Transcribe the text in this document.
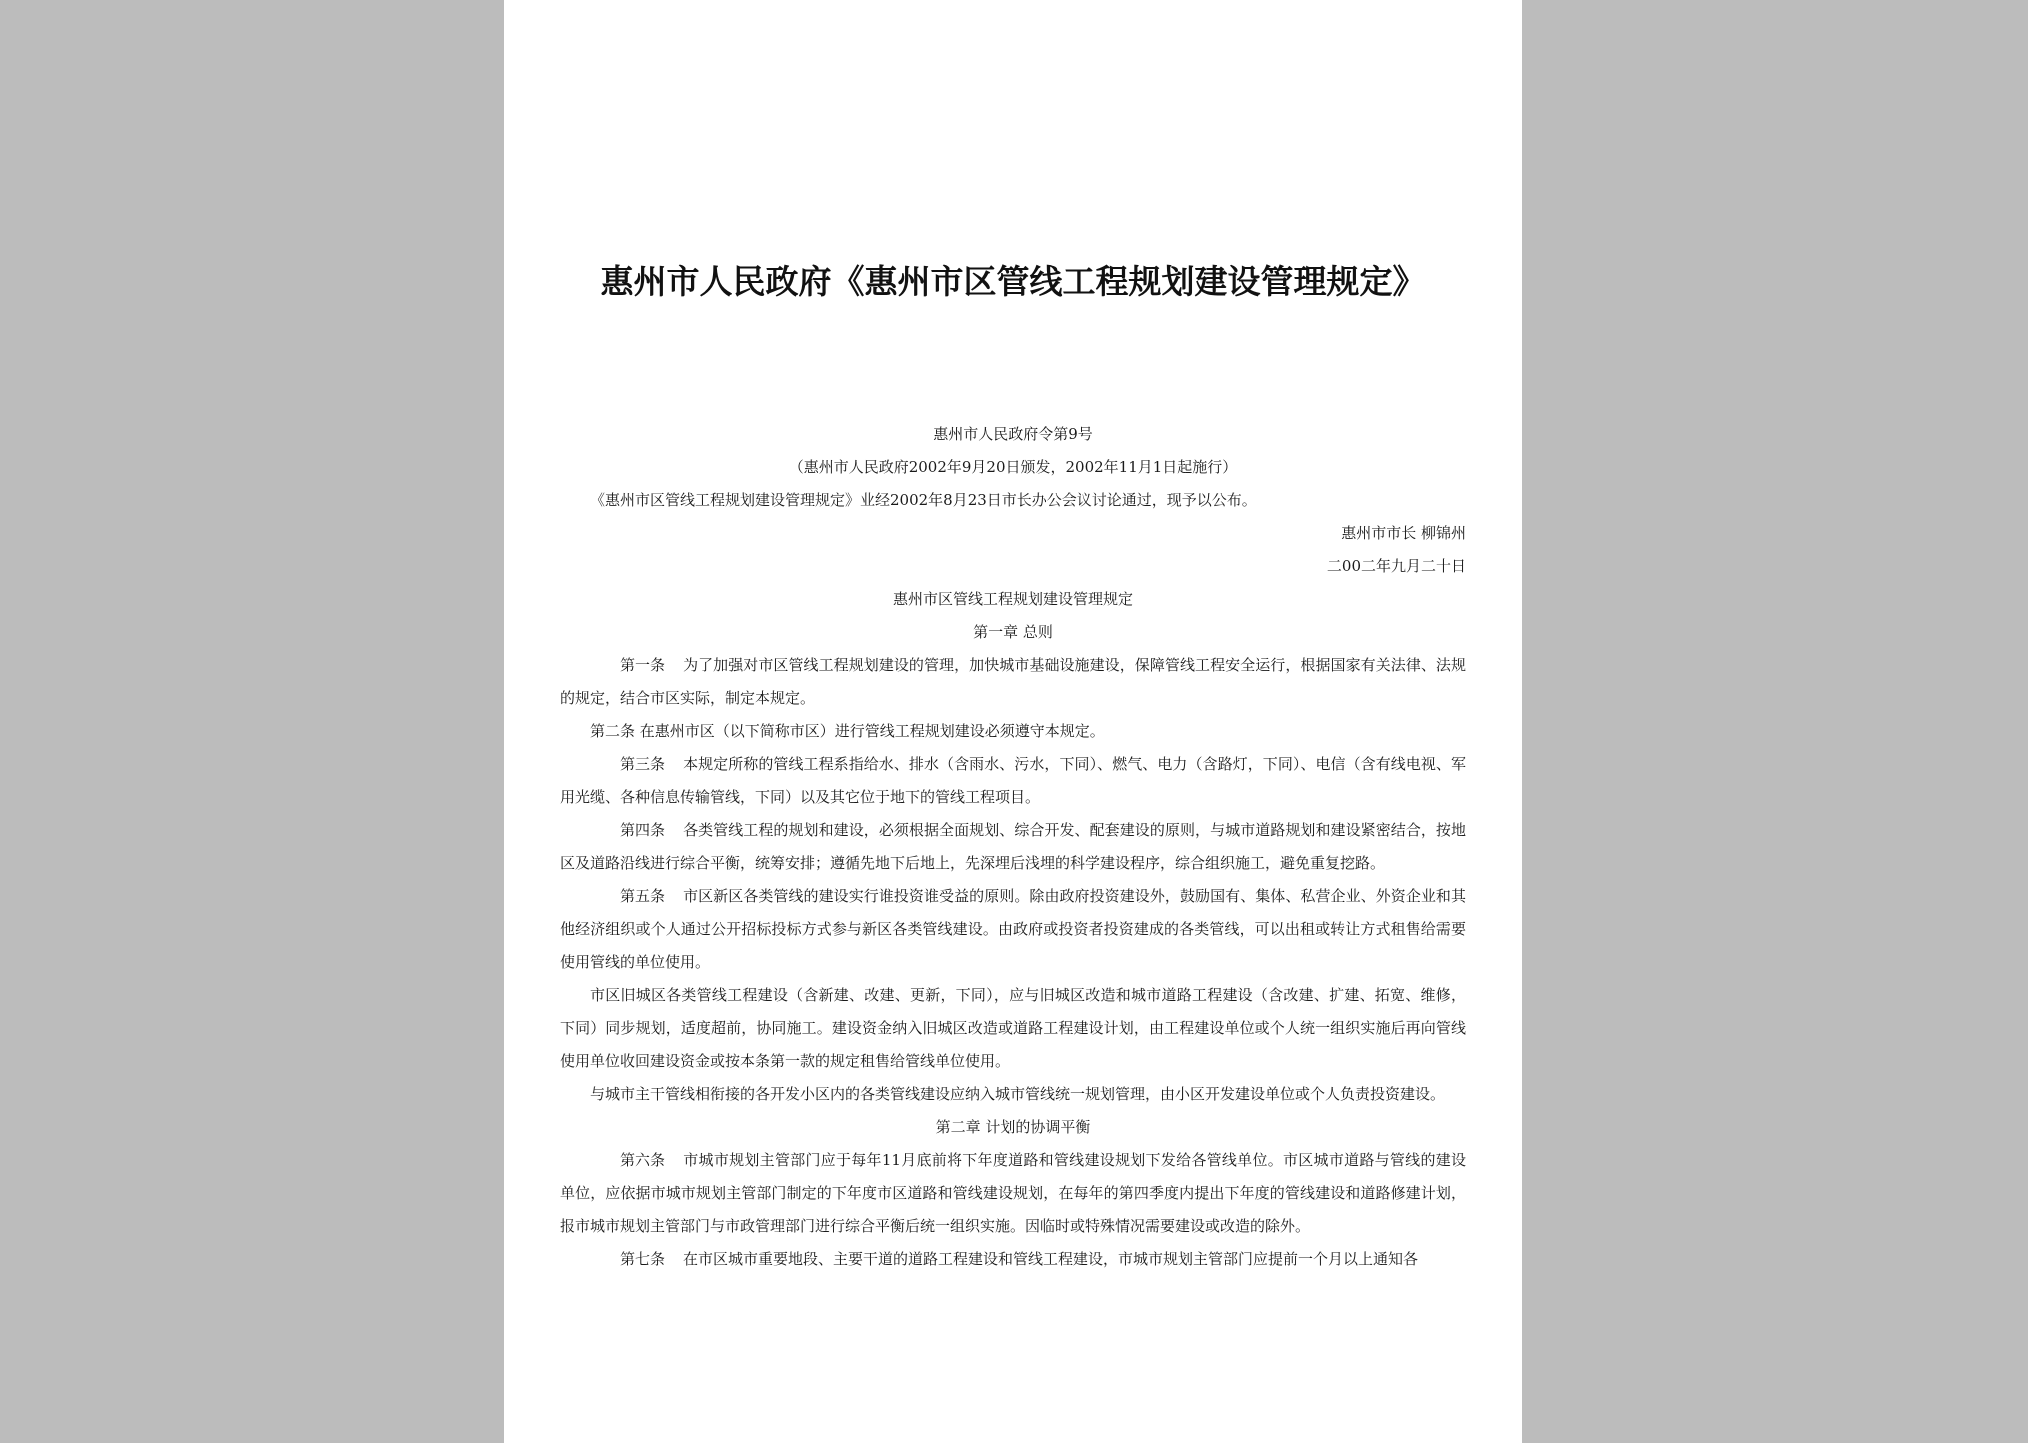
惠州市人民政府《惠州市区管线工程规划建设管理规定》

惠州市人民政府令第9号

（惠州市人民政府2002年9月20日颁发，2002年11月1日起施行）

《惠州市区管线工程规划建设管理规定》业经2002年8月23日市长办公会议讨论通过，现予以公布。

惠州市市长 柳锦州

二00二年九月二十日

惠州市区管线工程规划建设管理规定

第一章 总则

第一条 为了加强对市区管线工程规划建设的管理，加快城市基础设施建设，保障管线工程安全运行，根据国家有关法律、法规的规定，结合市区实际，制定本规定。

第二条 在惠州市区（以下简称市区）进行管线工程规划建设必须遵守本规定。

第三条 本规定所称的管线工程系指给水、排水（含雨水、污水，下同）、燃气、电力（含路灯，下同）、电信（含有线电视、军用光缆、各种信息传输管线，下同）以及其它位于地下的管线工程项目。

第四条 各类管线工程的规划和建设，必须根据全面规划、综合开发、配套建设的原则，与城市道路规划和建设紧密结合，按地区及道路沿线进行综合平衡，统筹安排；遵循先地下后地上，先深埋后浅埋的科学建设程序，综合组织施工，避免重复挖路。

第五条 市区新区各类管线的建设实行谁投资谁受益的原则。除由政府投资建设外，鼓励国有、集体、私营企业、外资企业和其他经济组织或个人通过公开招标投标方式参与新区各类管线建设。由政府或投资者投资建成的各类管线，可以出租或转让方式租售给需要使用管线的单位使用。

市区旧城区各类管线工程建设（含新建、改建、更新，下同），应与旧城区改造和城市道路工程建设（含改建、扩建、拓宽、维修，下同）同步规划，适度超前，协同施工。建设资金纳入旧城区改造或道路工程建设计划，由工程建设单位或个人统一组织实施后再向管线使用单位收回建设资金或按本条第一款的规定租售给管线单位使用。

与城市主干管线相衔接的各开发小区内的各类管线建设应纳入城市管线统一规划管理，由小区开发建设单位或个人负责投资建设。

第二章 计划的协调平衡

第六条 市城市规划主管部门应于每年11月底前将下年度道路和管线建设规划下发给各管线单位。市区城市道路与管线的建设单位，应依据市城市规划主管部门制定的下年度市区道路和管线建设规划，在每年的第四季度内提出下年度的管线建设和道路修建计划，报市城市规划主管部门与市政管理部门进行综合平衡后统一组织实施。因临时或特殊情况需要建设或改造的除外。

第七条 在市区城市重要地段、主要干道的道路工程建设和管线工程建设，市城市规划主管部门应提前一个月以上通知各
